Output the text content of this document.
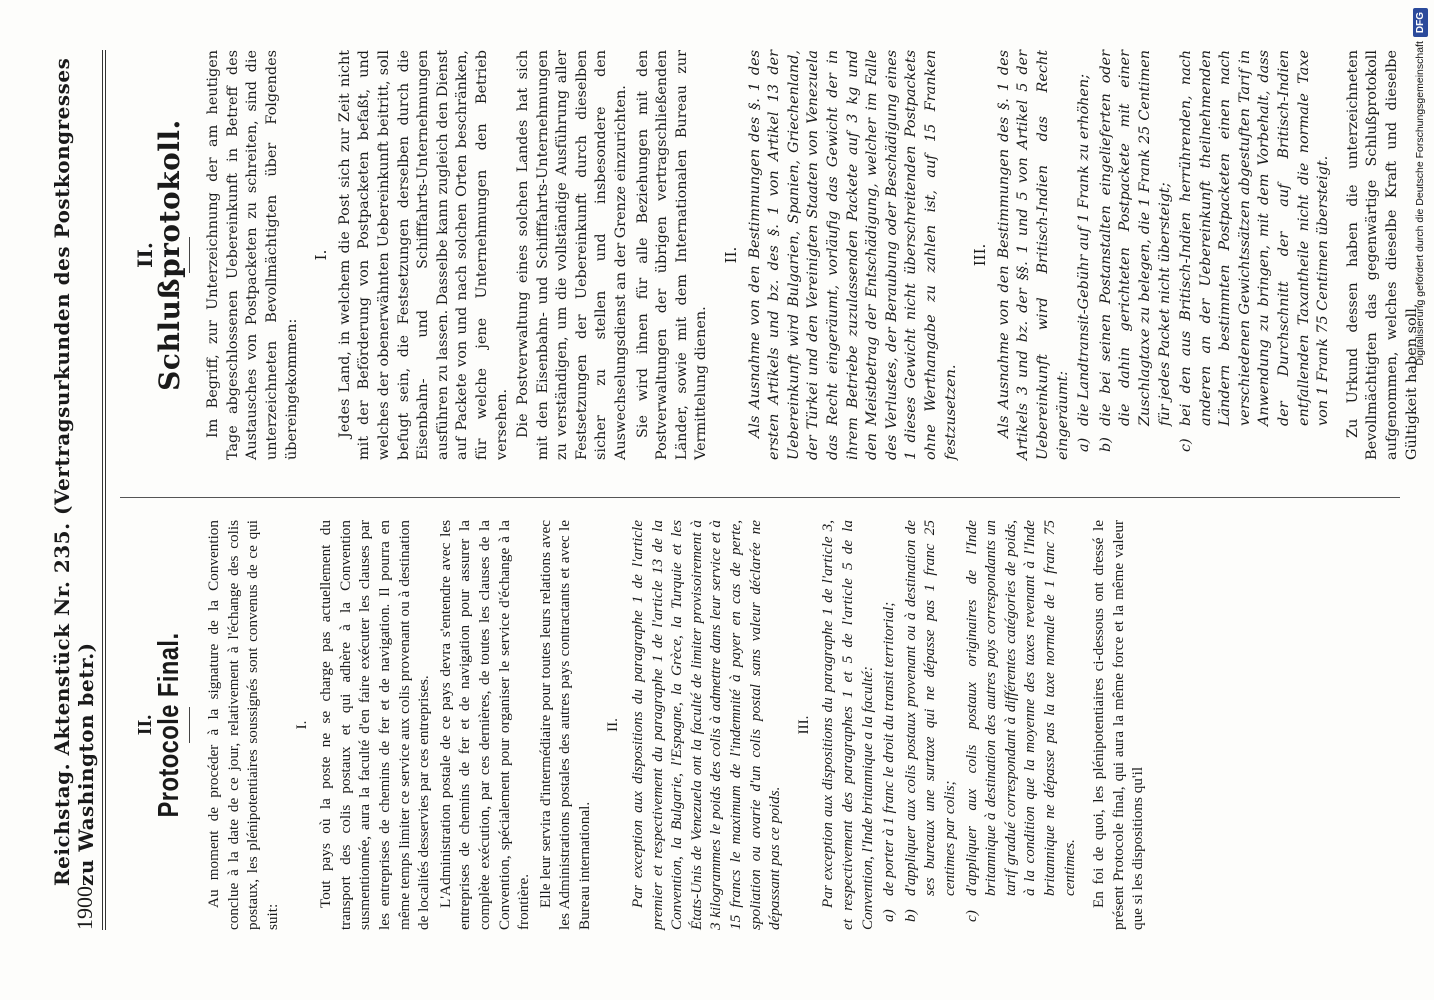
1900
Reichstag. Aktenstück Nr. 235. (Vertragsurkunden des Postkongresses zu Washington betr.) II.
Protocole Final. Au moment de procéder à la signature de la Convention conclue à la date de ce jour, relativement à l'échange des colis postaux, les plénipotentiaires soussignés sont convenus de ce qui suit:

I. Tout pays où la poste ne se charge pas actuellement du transport des colis postaux et qui adhère à la Convention susmentionnée, aura la faculté d'en faire exécuter les clauses par les entreprises de chemins de fer et de navigation. Il pourra en même temps limiter ce service aux colis provenant ou à destination de localités desservies par ces entreprises. L'Administration postale de ce pays devra s'entendre avec les entreprises de chemins de fer et de navigation pour assurer la complète exécution, par ces dernières, de toutes les clauses de la Convention, spécialement pour organiser le service d'échange à la frontière. Elle leur servira d'intermédiaire pour toutes leurs relations avec les Administrations postales des autres pays contractants et avec le Bureau international.

II. Par exception aux dispositions du paragraphe 1 de l'article premier et respectivement du paragraphe 1 de l'article 13 de la Convention, la Bulgarie, l'Espagne, la Grèce, la Turquie et les États-Unis de Venezuela ont la faculté de limiter provisoirement à 3 kilogrammes le poids des colis à admettre dans leur service et à 15 francs le maximum de l'indemnité à payer en cas de perte, spoliation ou avarie d'un colis postal sans valeur déclarée ne dépassant pas ce poids.

III. Par exception aux dispositions du paragraphe 1 de l'article 3, et respectivement des paragraphes 1 et 5 de l'article 5 de la Convention, l'Inde britannique a la faculté: a)
de porter à 1 franc le droit du transit territorial;
b)
d'appliquer aux colis postaux provenant ou à destination de ses bureaux une surtaxe qui ne dépasse pas 1 franc 25 centimes par colis;
c)
d'appliquer aux colis postaux originaires de l'Inde britannique à destination des autres pays correspondants un tarif gradué correspondant à différentes catégories de poids, à la condition que la moyenne des taxes revenant à l'Inde britannique ne dépasse pas la taxe normale de 1 franc 75 centimes. En foi de quoi, les plénipotentiaires ci-dessous ont dressé le présent Protocole final, qui aura la même force et la même valeur que si les dispositions qu'il

II.
Schlußprotokoll. Im Begriff, zur Unterzeichnung der am heutigen Tage abgeschlossenen Uebereinkunft in Betreff des Austausches von Postpacketen zu schreiten, sind die unterzeichneten Bevollmächtigten über Folgendes übereingekommen:

I. Jedes Land, in welchem die Post sich zur Zeit nicht mit der Beförderung von Postpacketen befaßt, und welches der obenerwähnten Uebereinkunft beitritt, soll befugt sein, die Festsetzungen derselben durch die Eisenbahn- und Schifffahrts-Unternehmungen ausführen zu lassen. Dasselbe kann zugleich den Dienst auf Packete von und nach solchen Orten beschränken, für welche jene Unternehmungen den Betrieb versehen. Die Postverwaltung eines solchen Landes hat sich mit den Eisenbahn- und Schifffahrts-Unternehmungen zu verständigen, um die vollständige Ausführung aller Festsetzungen der Uebereinkunft durch dieselben sicher zu stellen und insbesondere den Auswechselungsdienst an der Grenze einzurichten. Sie wird ihnen für alle Beziehungen mit den Postverwaltungen der übrigen vertragschließenden Länder, sowie mit dem Internationalen Bureau zur Vermittelung dienen.

II. Als Ausnahme von den Bestimmungen des §. 1 des ersten Artikels und bz. des §. 1 von Artikel 13 der Uebereinkunft wird Bulgarien, Spanien, Griechenland, der Türkei und den Vereinigten Staaten von Venezuela das Recht eingeräumt, vorläufig das Gewicht der in ihrem Betriebe zuzulassenden Packete auf 3 kg und den Meistbetrag der Entschädigung, welcher im Falle des Verlustes, der Beraubung oder Beschädigung eines 1 dieses Gewicht nicht überschreitenden Postpackets ohne Werthangabe zu zahlen ist, auf 15 Franken festzusetzen.

III. Als Ausnahme von den Bestimmungen des §. 1 des Artikels 3 und bz. der §§. 1 und 5 von Artikel 5 der Uebereinkunft wird Britisch-Indien das Recht eingeräumt: a)
die Landtransit-Gebühr auf 1 Frank zu erhöhen;
b)
die bei seinen Postanstalten eingelieferten oder die dahin gerichteten Postpackete mit einer Zuschlagtaxe zu belegen, die 1 Frank 25 Centimen für jedes Packet nicht übersteigt;
c)
bei den aus Britisch-Indien herrührenden, nach anderen an der Uebereinkunft theilnehmenden Ländern bestimmten Postpacketen einen nach verschiedenen Gewichtssätzen abgestuften Tarif in Anwendung zu bringen, mit dem Vorbehalt, dass der Durchschnitt der auf Britisch-Indien entfallenden Taxantheile nicht die normale Taxe von 1 Frank 75 Centimen übersteigt. Zu Urkund dessen haben die unterzeichneten Bevollmächtigten das gegenwärtige Schlußprotokoll aufgenommen, welches dieselbe Kraft und dieselbe Gültigkeit haben soll,

Digitalisierung gefördert durch die Deutsche Forschungsgemeinschaft
DFG
